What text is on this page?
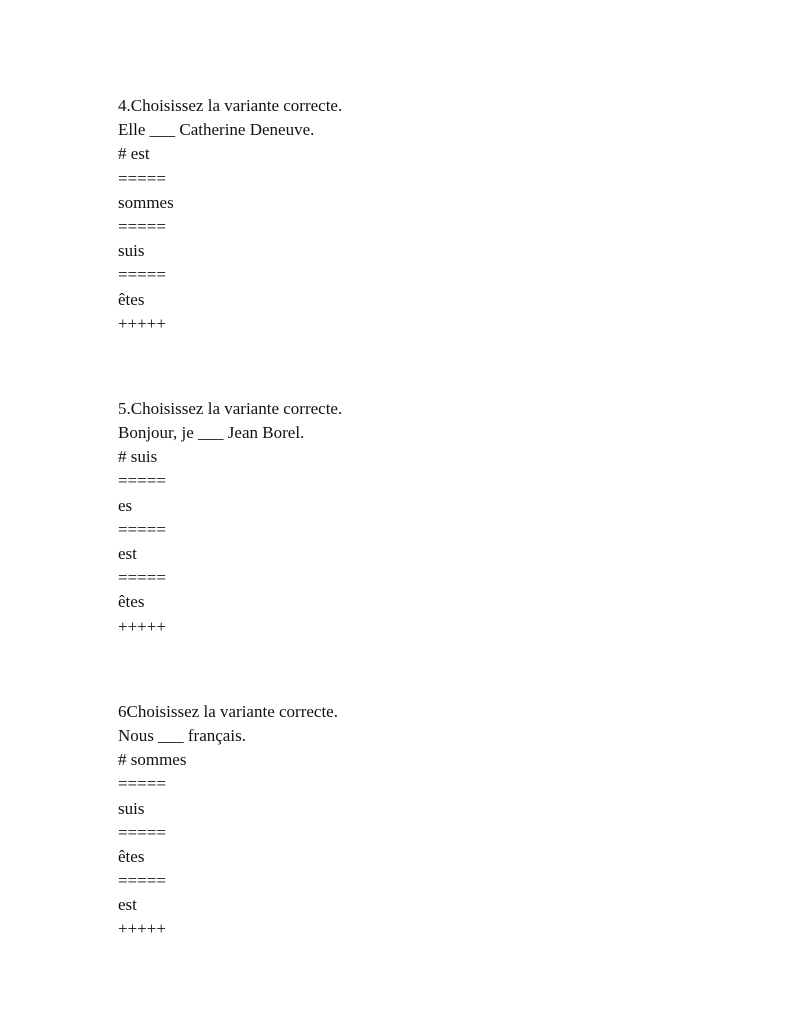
4.Choisissez la variante correcte.
Elle ___ Catherine Deneuve.
# est
=====
sommes
=====
suis
=====
êtes
+++++
5.Choisissez la variante correcte.
Bonjour, je ___ Jean Borel.
# suis
=====
es
=====
est
=====
êtes
+++++
6Choisissez la variante correcte.
Nous ___ français.
# sommes
=====
suis
=====
êtes
=====
est
+++++
